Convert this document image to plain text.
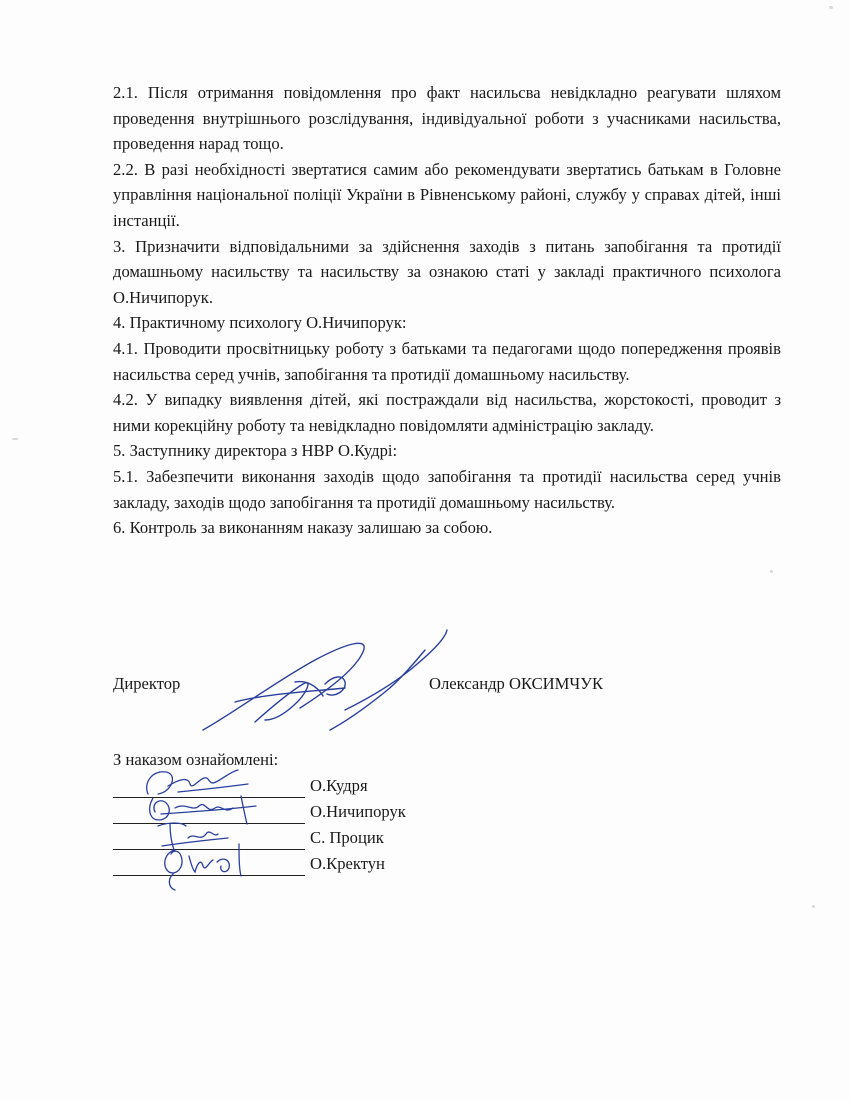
2.1. Після отримання повідомлення про факт насильсва невідкладно реагувати шляхом проведення внутрішнього розслідування, індивідуальної роботи з учасниками насильства, проведення нарад тощо.

2.2. В разі необхідності звертатися самим або рекомендувати звертатись батькам в Головне управління національної поліції України в Рівненському районі, службу у справах дітей, інші інстанції.

3. Призначити відповідальними за здійснення заходів з питань запобігання та протидії домашньому насильству та насильству за ознакою статі у закладі практичного психолога О.Ничипорук.

4. Практичному психологу О.Ничипорук:

4.1. Проводити просвітницьку роботу з батьками та педагогами щодо попередження проявів насильства серед учнів, запобігання та протидії домашньому насильству.

4.2. У випадку виявлення дітей, які постраждали від насильства, жорстокості, проводит з ними корекційну роботу та невідкладно повідомляти адміністрацію закладу.

5. Заступнику директора з НВР О.Кудрі:

5.1. Забезпечити виконання заходів щодо запобігання та протидії насильства серед учнів закладу, заходів щодо запобігання та протидії домашньому насильству.

6. Контроль за виконанням наказу залишаю за собою.

Директор	Олександр ОКСИМЧУК
З наказом ознайомлені:
О.Кудря
О.Ничипорук
С. Процик
О.Кректун
